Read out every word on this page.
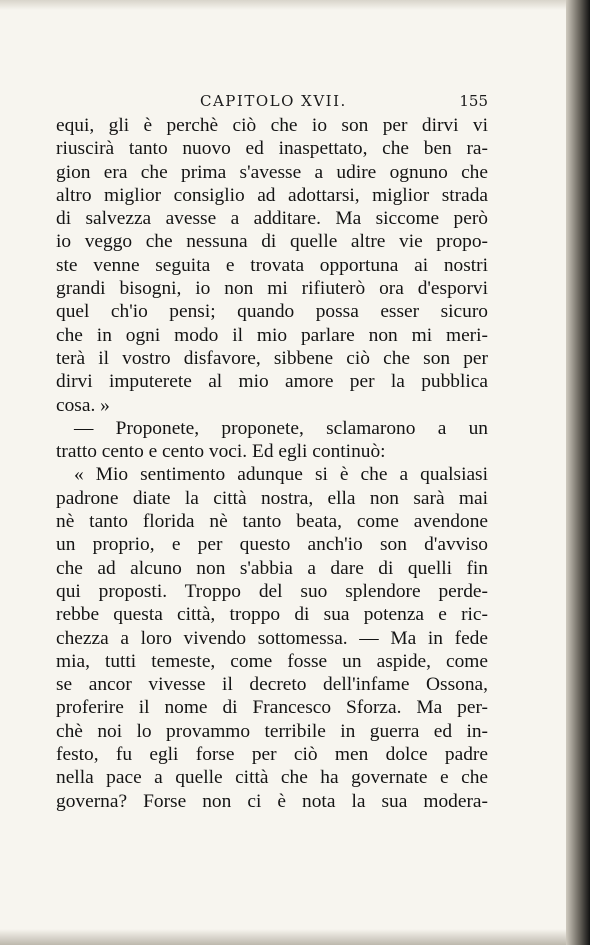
CAPITOLO XVII.	155
equi, gli è perchè ciò che io son per dirvi vi
riuscirà tanto nuovo ed inaspettato, che ben ra-
gion era che prima s'avesse a udire ognuno che
altro miglior consiglio ad adottarsi, miglior strada
di salvezza avesse a additare. Ma siccome però
io veggo che nessuna di quelle altre vie propo-
ste venne seguita e trovata opportuna ai nostri
grandi bisogni, io non mi rifiuterò ora d'esporvi
quel ch'io pensi; quando possa esser sicuro
che in ogni modo il mio parlare non mi meri-
terà il vostro disfavore, sibbene ciò che son per
dirvi imputerete al mio amore per la pubblica
cosa. »
— Proponete, proponete, sclamarono a un
tratto cento e cento voci. Ed egli continuò:
« Mio sentimento adunque si è che a qualsiasi
padrone diate la città nostra, ella non sarà mai
nè tanto florida nè tanto beata, come avendone
un proprio, e per questo anch'io son d'avviso
che ad alcuno non s'abbia a dare di quelli fin
qui proposti. Troppo del suo splendore perde-
rebbe questa città, troppo di sua potenza e ric-
chezza a loro vivendo sottomessa. — Ma in fede
mia, tutti temeste, come fosse un aspide, come
se ancor vivesse il decreto dell'infame Ossona,
proferire il nome di Francesco Sforza. Ma per-
chè noi lo provammo terribile in guerra ed in-
festo, fu egli forse per ciò men dolce padre
nella pace a quelle città che ha governate e che
governa? Forse non ci è nota la sua modera-
